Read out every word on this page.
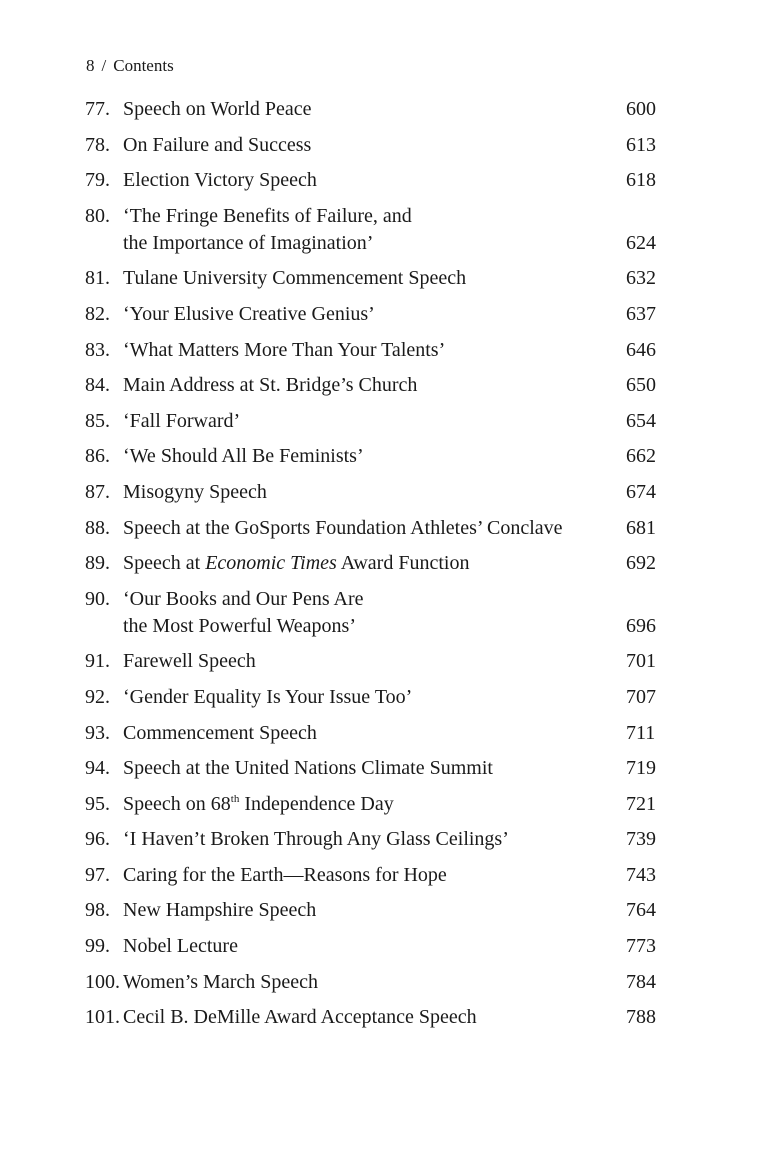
8 / Contents
77. Speech on World Peace	600
78. On Failure and Success	613
79. Election Victory Speech	618
80. ‘The Fringe Benefits of Failure, and
the Importance of Imagination’	624
81. Tulane University Commencement Speech	632
82. ‘Your Elusive Creative Genius’	637
83. ‘What Matters More Than Your Talents’	646
84. Main Address at St. Bridge’s Church	650
85. ‘Fall Forward’	654
86. ‘We Should All Be Feminists’	662
87. Misogyny Speech	674
88. Speech at the GoSports Foundation Athletes’ Conclave	681
89. Speech at Economic Times Award Function	692
90. ‘Our Books and Our Pens Are
the Most Powerful Weapons’	696
91. Farewell Speech	701
92. ‘Gender Equality Is Your Issue Too’	707
93. Commencement Speech	711
94. Speech at the United Nations Climate Summit	719
95. Speech on 68th Independence Day	721
96. ‘I Haven’t Broken Through Any Glass Ceilings’	739
97. Caring for the Earth—Reasons for Hope	743
98. New Hampshire Speech	764
99. Nobel Lecture	773
100. Women’s March Speech	784
101. Cecil B. DeMille Award Acceptance Speech	788
